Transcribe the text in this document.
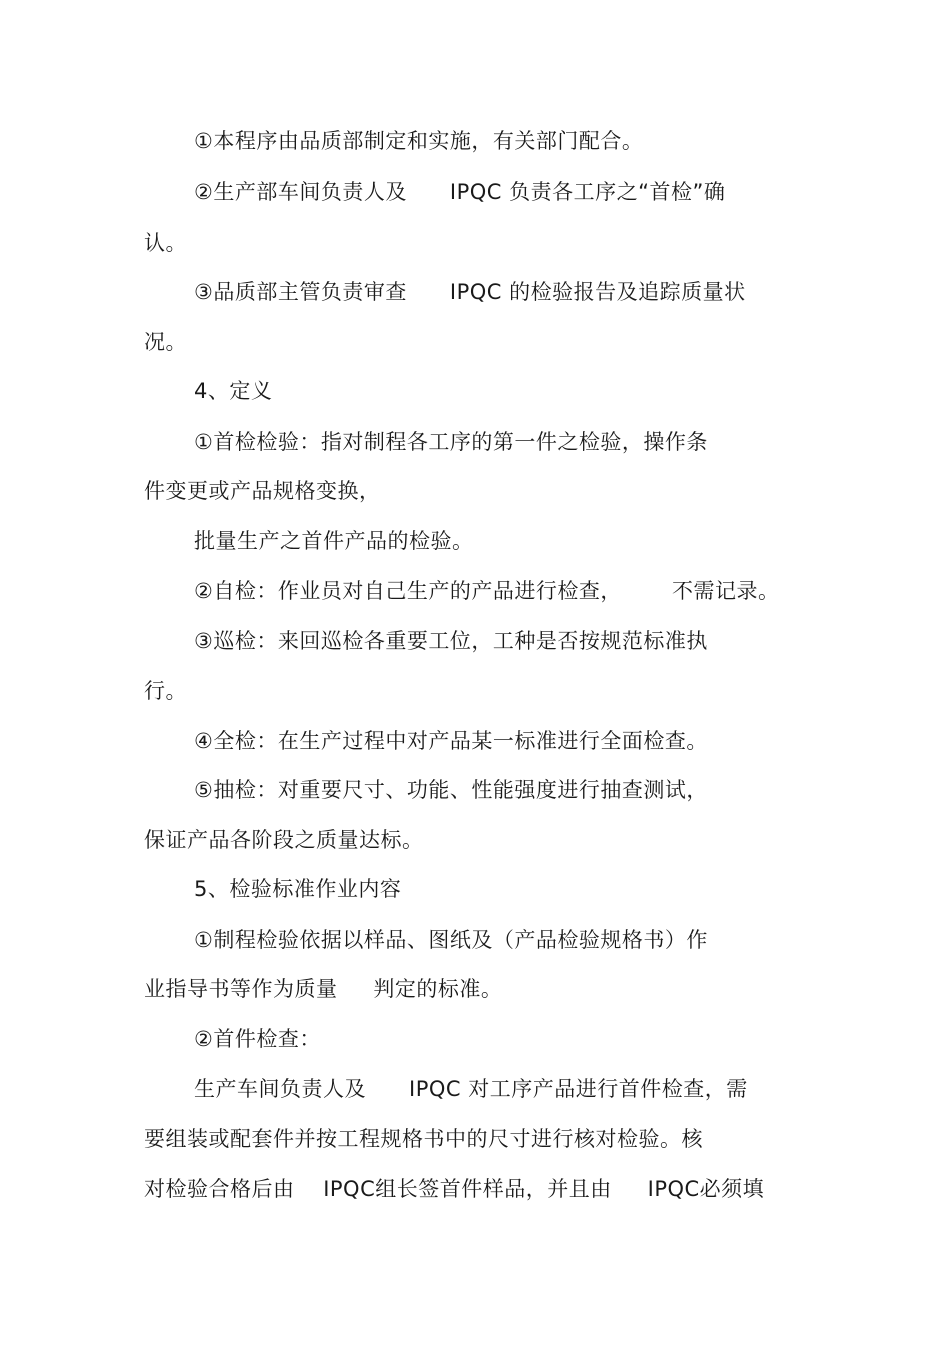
①本程序由品质部制定和实施，有关部门配合。
②生产部车间负责人及      IPQC 负责各工序之“首检”确
认。
③品质部主管负责审查      IPQC 的检验报告及追踪质量状
况。
4、定义
①首检检验：指对制程各工序的第一件之检验，操作条
件变更或产品规格变换，
批量生产之首件产品的检验。
②自检：作业员对自己生产的产品进行检查，       不需记录。
③巡检：来回巡检各重要工位，工种是否按规范标准执
行。
④全检：在生产过程中对产品某一标准进行全面检查。
⑤抽检：对重要尺寸、功能、性能强度进行抽查测试，
保证产品各阶段之质量达标。
5、检验标准作业内容
①制程检验依据以样品、图纸及（产品检验规格书）作
业指导书等作为质量     判定的标准。
②首件检查：
生产车间负责人及      IPQC 对工序产品进行首件检查，需
要组装或配套件并按工程规格书中的尺寸进行核对检验。核
对检验合格后由    IPQC组长签首件样品，并且由     IPQC必须填
